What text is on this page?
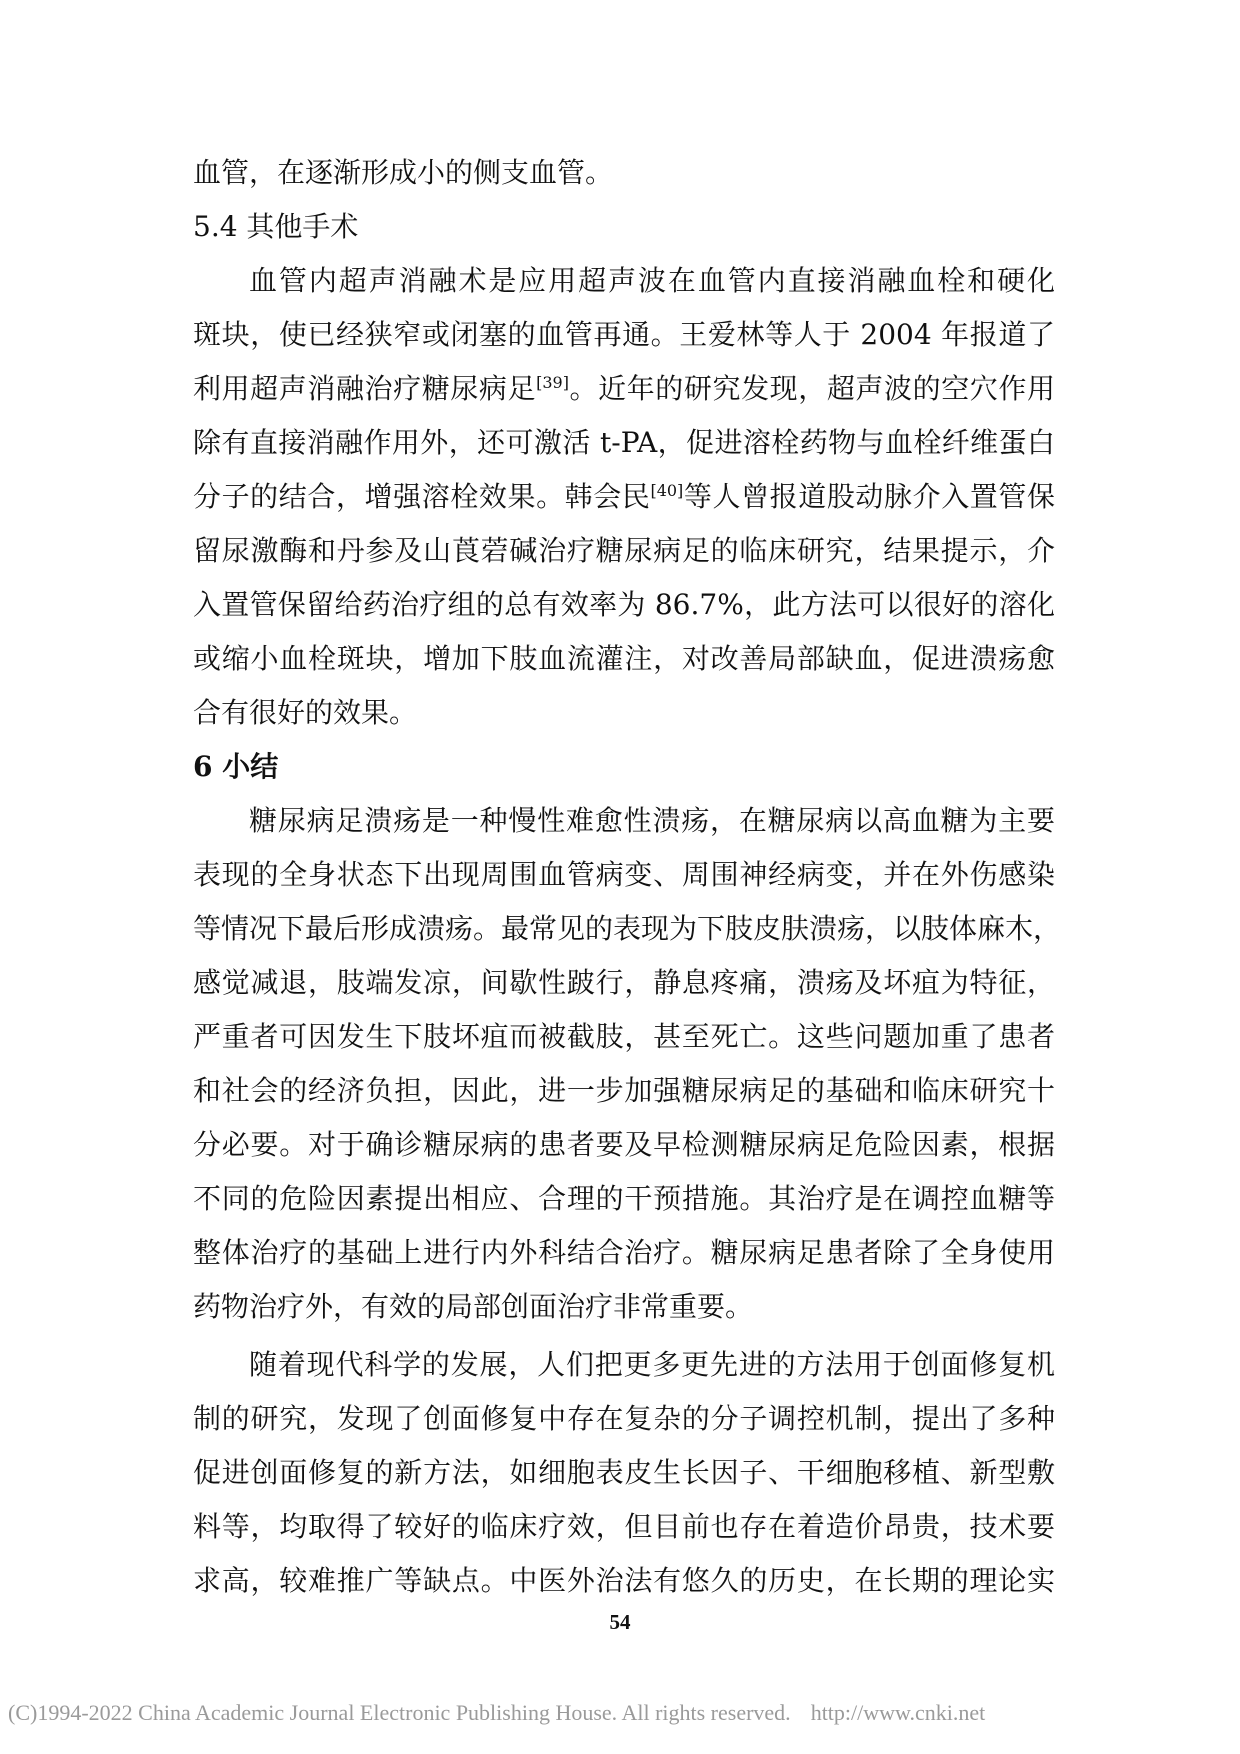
血管，在逐渐形成小的侧支血管。

5.4 其他手术

血管内超声消融术是应用超声波在血管内直接消融血栓和硬化

斑块，使已经狭窄或闭塞的血管再通。王爱林等人于 2004 年报道了

利用超声消融治疗糖尿病足[39]。近年的研究发现，超声波的空穴作用

除有直接消融作用外，还可激活 t-PA，促进溶栓药物与血栓纤维蛋白

分子的结合，增强溶栓效果。韩会民[40]等人曾报道股动脉介入置管保

留尿激酶和丹参及山莨菪碱治疗糖尿病足的临床研究，结果提示，介

入置管保留给药治疗组的总有效率为 86.7%，此方法可以很好的溶化

或缩小血栓斑块，增加下肢血流灌注，对改善局部缺血，促进溃疡愈

合有很好的效果。

6 小结

糖尿病足溃疡是一种慢性难愈性溃疡，在糖尿病以高血糖为主要

表现的全身状态下出现周围血管病变、周围神经病变，并在外伤感染

等情况下最后形成溃疡。最常见的表现为下肢皮肤溃疡，以肢体麻木，

感觉减退，肢端发凉，间歇性跛行，静息疼痛，溃疡及坏疽为特征，

严重者可因发生下肢坏疽而被截肢，甚至死亡。这些问题加重了患者

和社会的经济负担，因此，进一步加强糖尿病足的基础和临床研究十

分必要。对于确诊糖尿病的患者要及早检测糖尿病足危险因素，根据

不同的危险因素提出相应、合理的干预措施。其治疗是在调控血糖等

整体治疗的基础上进行内外科结合治疗。糖尿病足患者除了全身使用

药物治疗外，有效的局部创面治疗非常重要。

随着现代科学的发展，人们把更多更先进的方法用于创面修复机

制的研究，发现了创面修复中存在复杂的分子调控机制，提出了多种

促进创面修复的新方法，如细胞表皮生长因子、干细胞移植、新型敷

料等，均取得了较好的临床疗效，但目前也存在着造价昂贵，技术要

求高，较难推广等缺点。中医外治法有悠久的历史，在长期的理论实

54
(C)1994-2022 China Academic Journal Electronic Publishing House. All rights reserved. http://www.cnki.net
